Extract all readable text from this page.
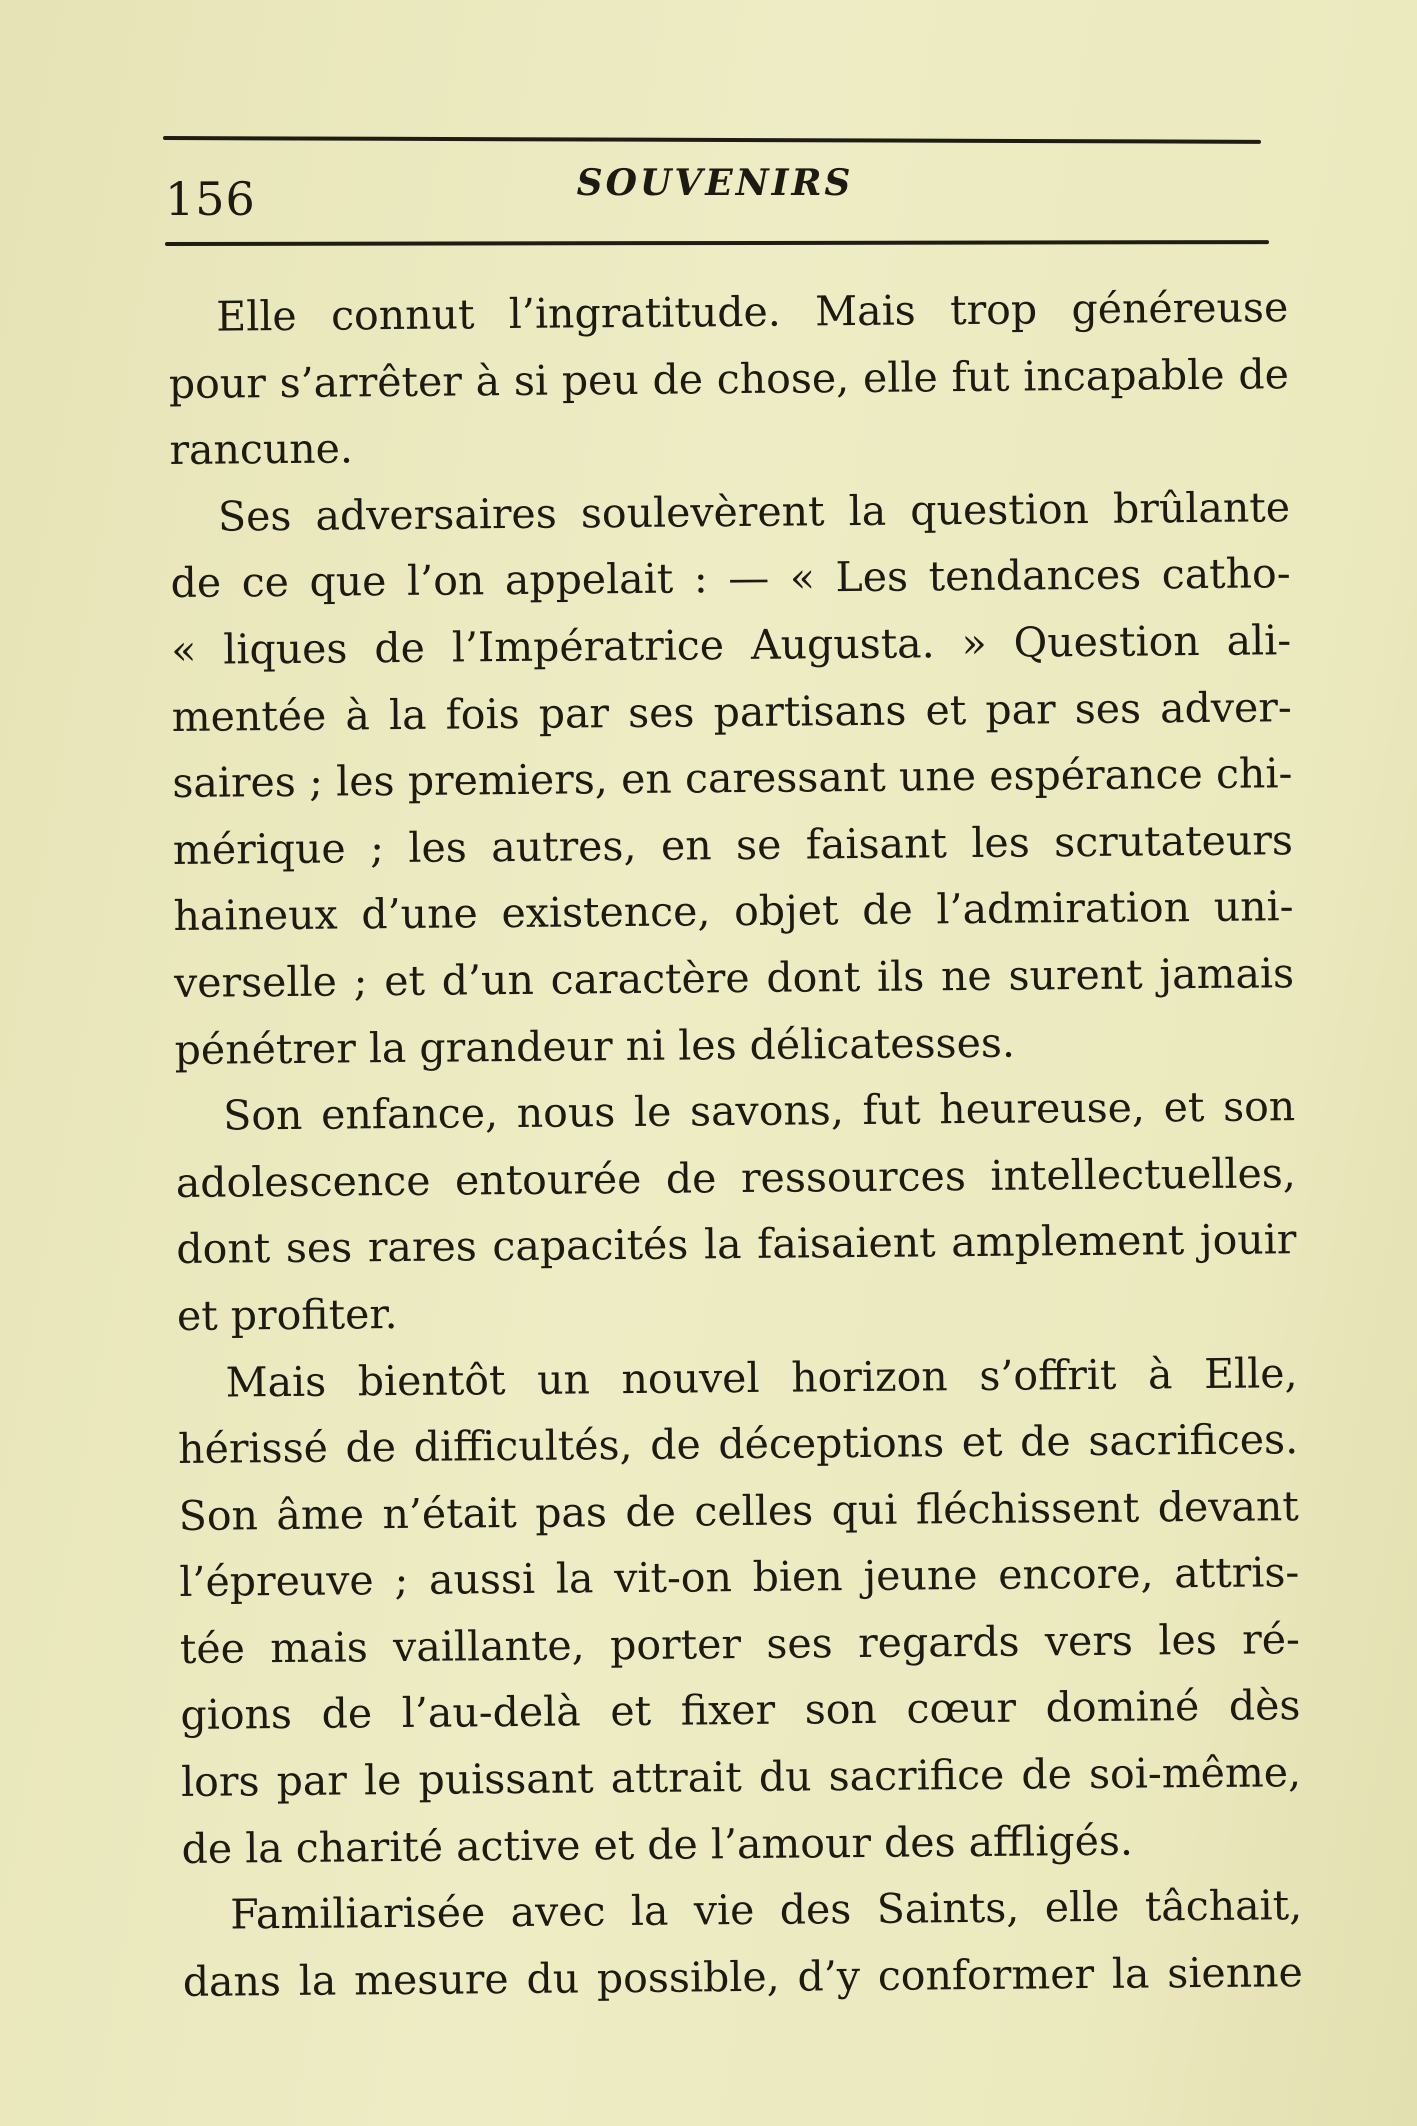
156	SOUVENIRS
Elle connut l’ingratitude. Mais trop généreuse
pour s’arrêter à si peu de chose, elle fut incapable de
rancune.
Ses adversaires soulevèrent la question brûlante
de ce que l’on appelait : — « Les tendances catho-
« liques de l’Impératrice Augusta. » Question ali-
mentée à la fois par ses partisans et par ses adver-
saires ; les premiers, en caressant une espérance chi-
mérique ; les autres, en se faisant les scrutateurs
haineux d’une existence, objet de l’admiration uni-
verselle ; et d’un caractère dont ils ne surent jamais
pénétrer la grandeur ni les délicatesses.
Son enfance, nous le savons, fut heureuse, et son
adolescence entourée de ressources intellectuelles,
dont ses rares capacités la faisaient amplement jouir
et profiter.
Mais bientôt un nouvel horizon s’offrit à Elle,
hérissé de difficultés, de déceptions et de sacrifices.
Son âme n’était pas de celles qui fléchissent devant
l’épreuve ; aussi la vit-on bien jeune encore, attris-
tée mais vaillante, porter ses regards vers les ré-
gions de l’au-delà et fixer son cœur dominé dès
lors par le puissant attrait du sacrifice de soi-même,
de la charité active et de l’amour des affligés.
Familiarisée avec la vie des Saints, elle tâchait,
dans la mesure du possible, d’y conformer la sienne
